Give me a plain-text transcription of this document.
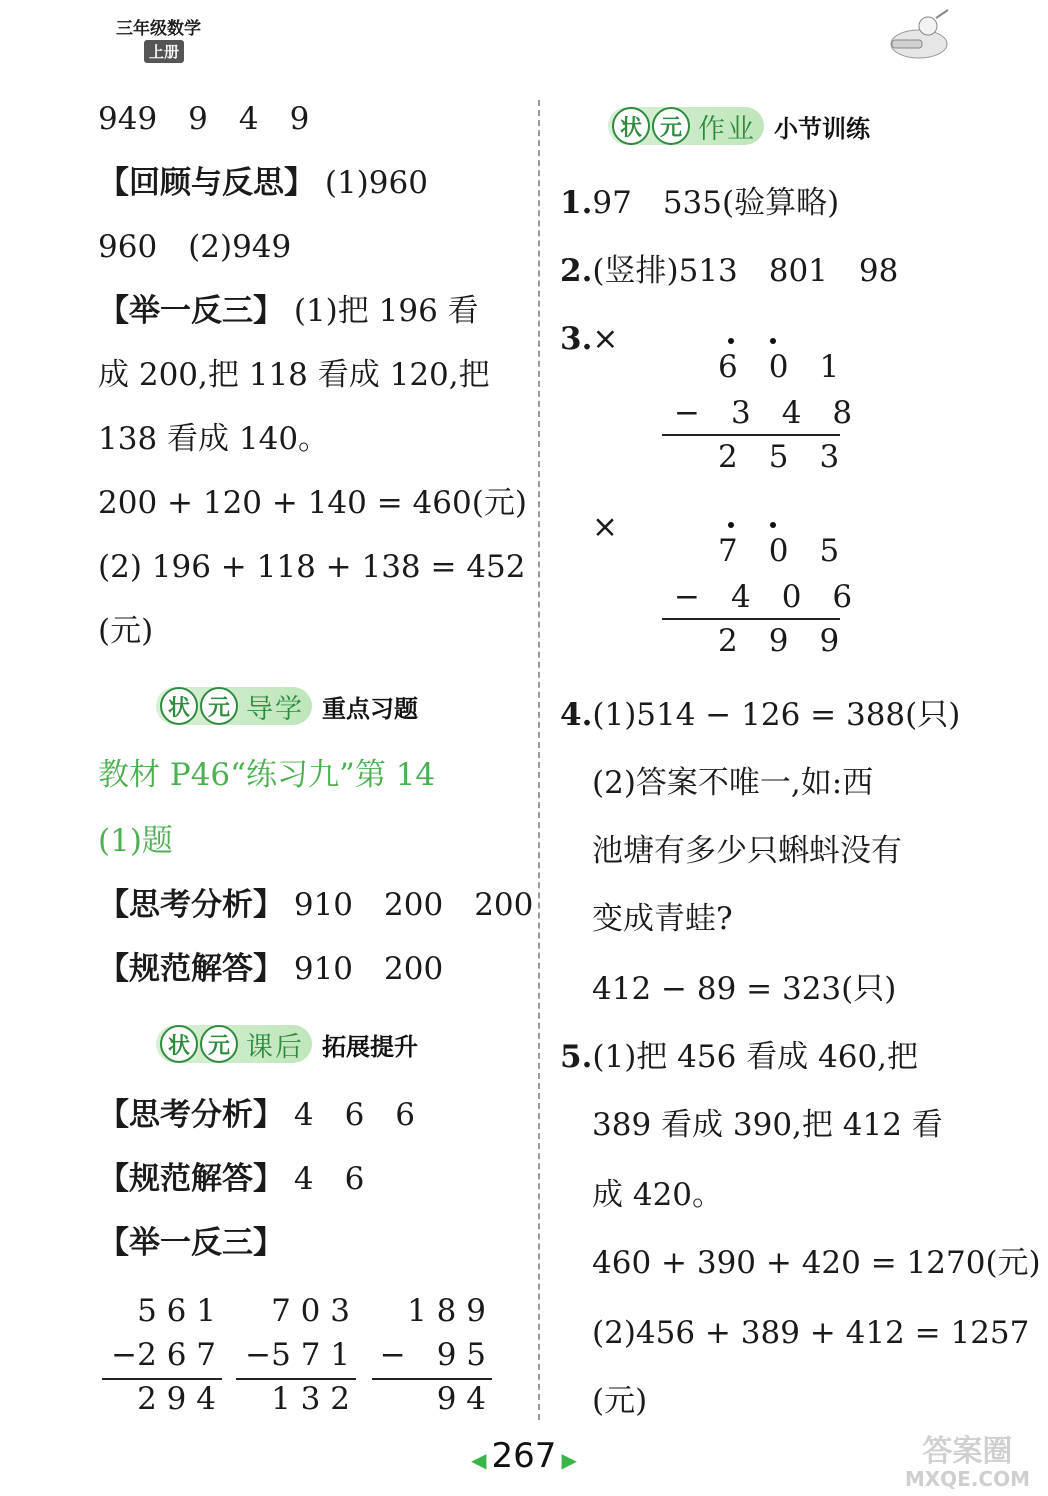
三年级数学
上册
949　9　4　9
【回顾与反思】 (1)960
960　(2)949
【举一反三】 (1)把 196 看
成 200,把 118 看成 120,把
138 看成 140。
200 + 120 + 140 = 460(元)
(2) 196 + 118 + 138 = 452
(元)
状 元 导学 重点习题
教材 P46“练习九”第 14
(1)题
【思考分析】 910　200　200
【规范解答】 910　200
状 元 课后 拓展提升
【思考分析】 4　6　6
【规范解答】 4　6
【举一反三】
5 6 1
−2 6 7
2 9 4
7 0 3
−5 7 1
1 3 2
1 8 9
−　9 5
9 4
状 元 作业 小节训练
1.97　535(验算略)
2.(竖排)513　801　98
3.×
6　0　1
−　3　4　8
2　5　3
×
7　0　5
−　4　0　6
2　9　9
4.(1)514 − 126 = 388(只)
(2)答案不唯一,如:西
池塘有多少只蝌蚪没有
变成青蛙?
412 − 89 = 323(只)
5.(1)把 456 看成 460,把
389 看成 390,把 412 看
成 420。
460 + 390 + 420 = 1270(元)
(2)456 + 389 + 412 = 1257
(元)
◀ 267 ▶	答案圈
MXQE.COM
